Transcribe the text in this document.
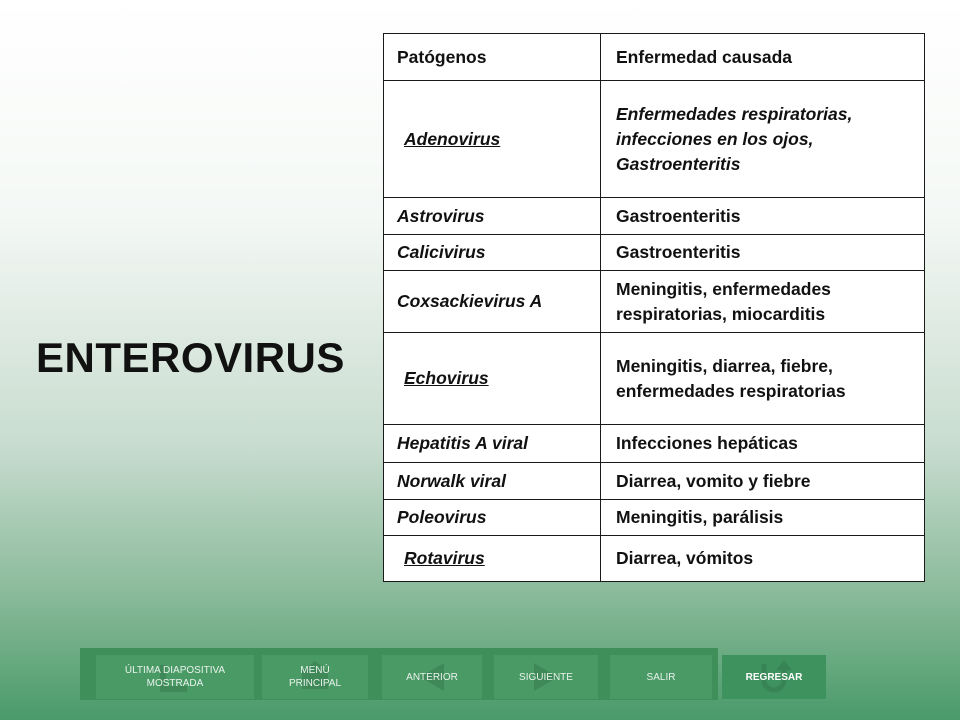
ENTEROVIRUS
Patógenos	Enfermedad causada
Adenovirus	Enfermedades respiratorias, infecciones en los ojos, Gastroenteritis
Astrovirus	Gastroenteritis
Calicivirus	Gastroenteritis
Coxsackievirus A	Meningitis, enfermedades respiratorias, miocarditis
Echovirus	Meningitis, diarrea, fiebre, enfermedades respiratorias
Hepatitis A viral	Infecciones hepáticas
Norwalk viral	Diarrea, vomito y fiebre
Poleovirus	Meningitis, parálisis
Rotavirus	Diarrea, vómitos
ÚLTIMA DIAPOSITIVA MOSTRADA
MENÚ PRINCIPAL
ANTERIOR	SIGUIENTE	SALIR	REGRESAR
